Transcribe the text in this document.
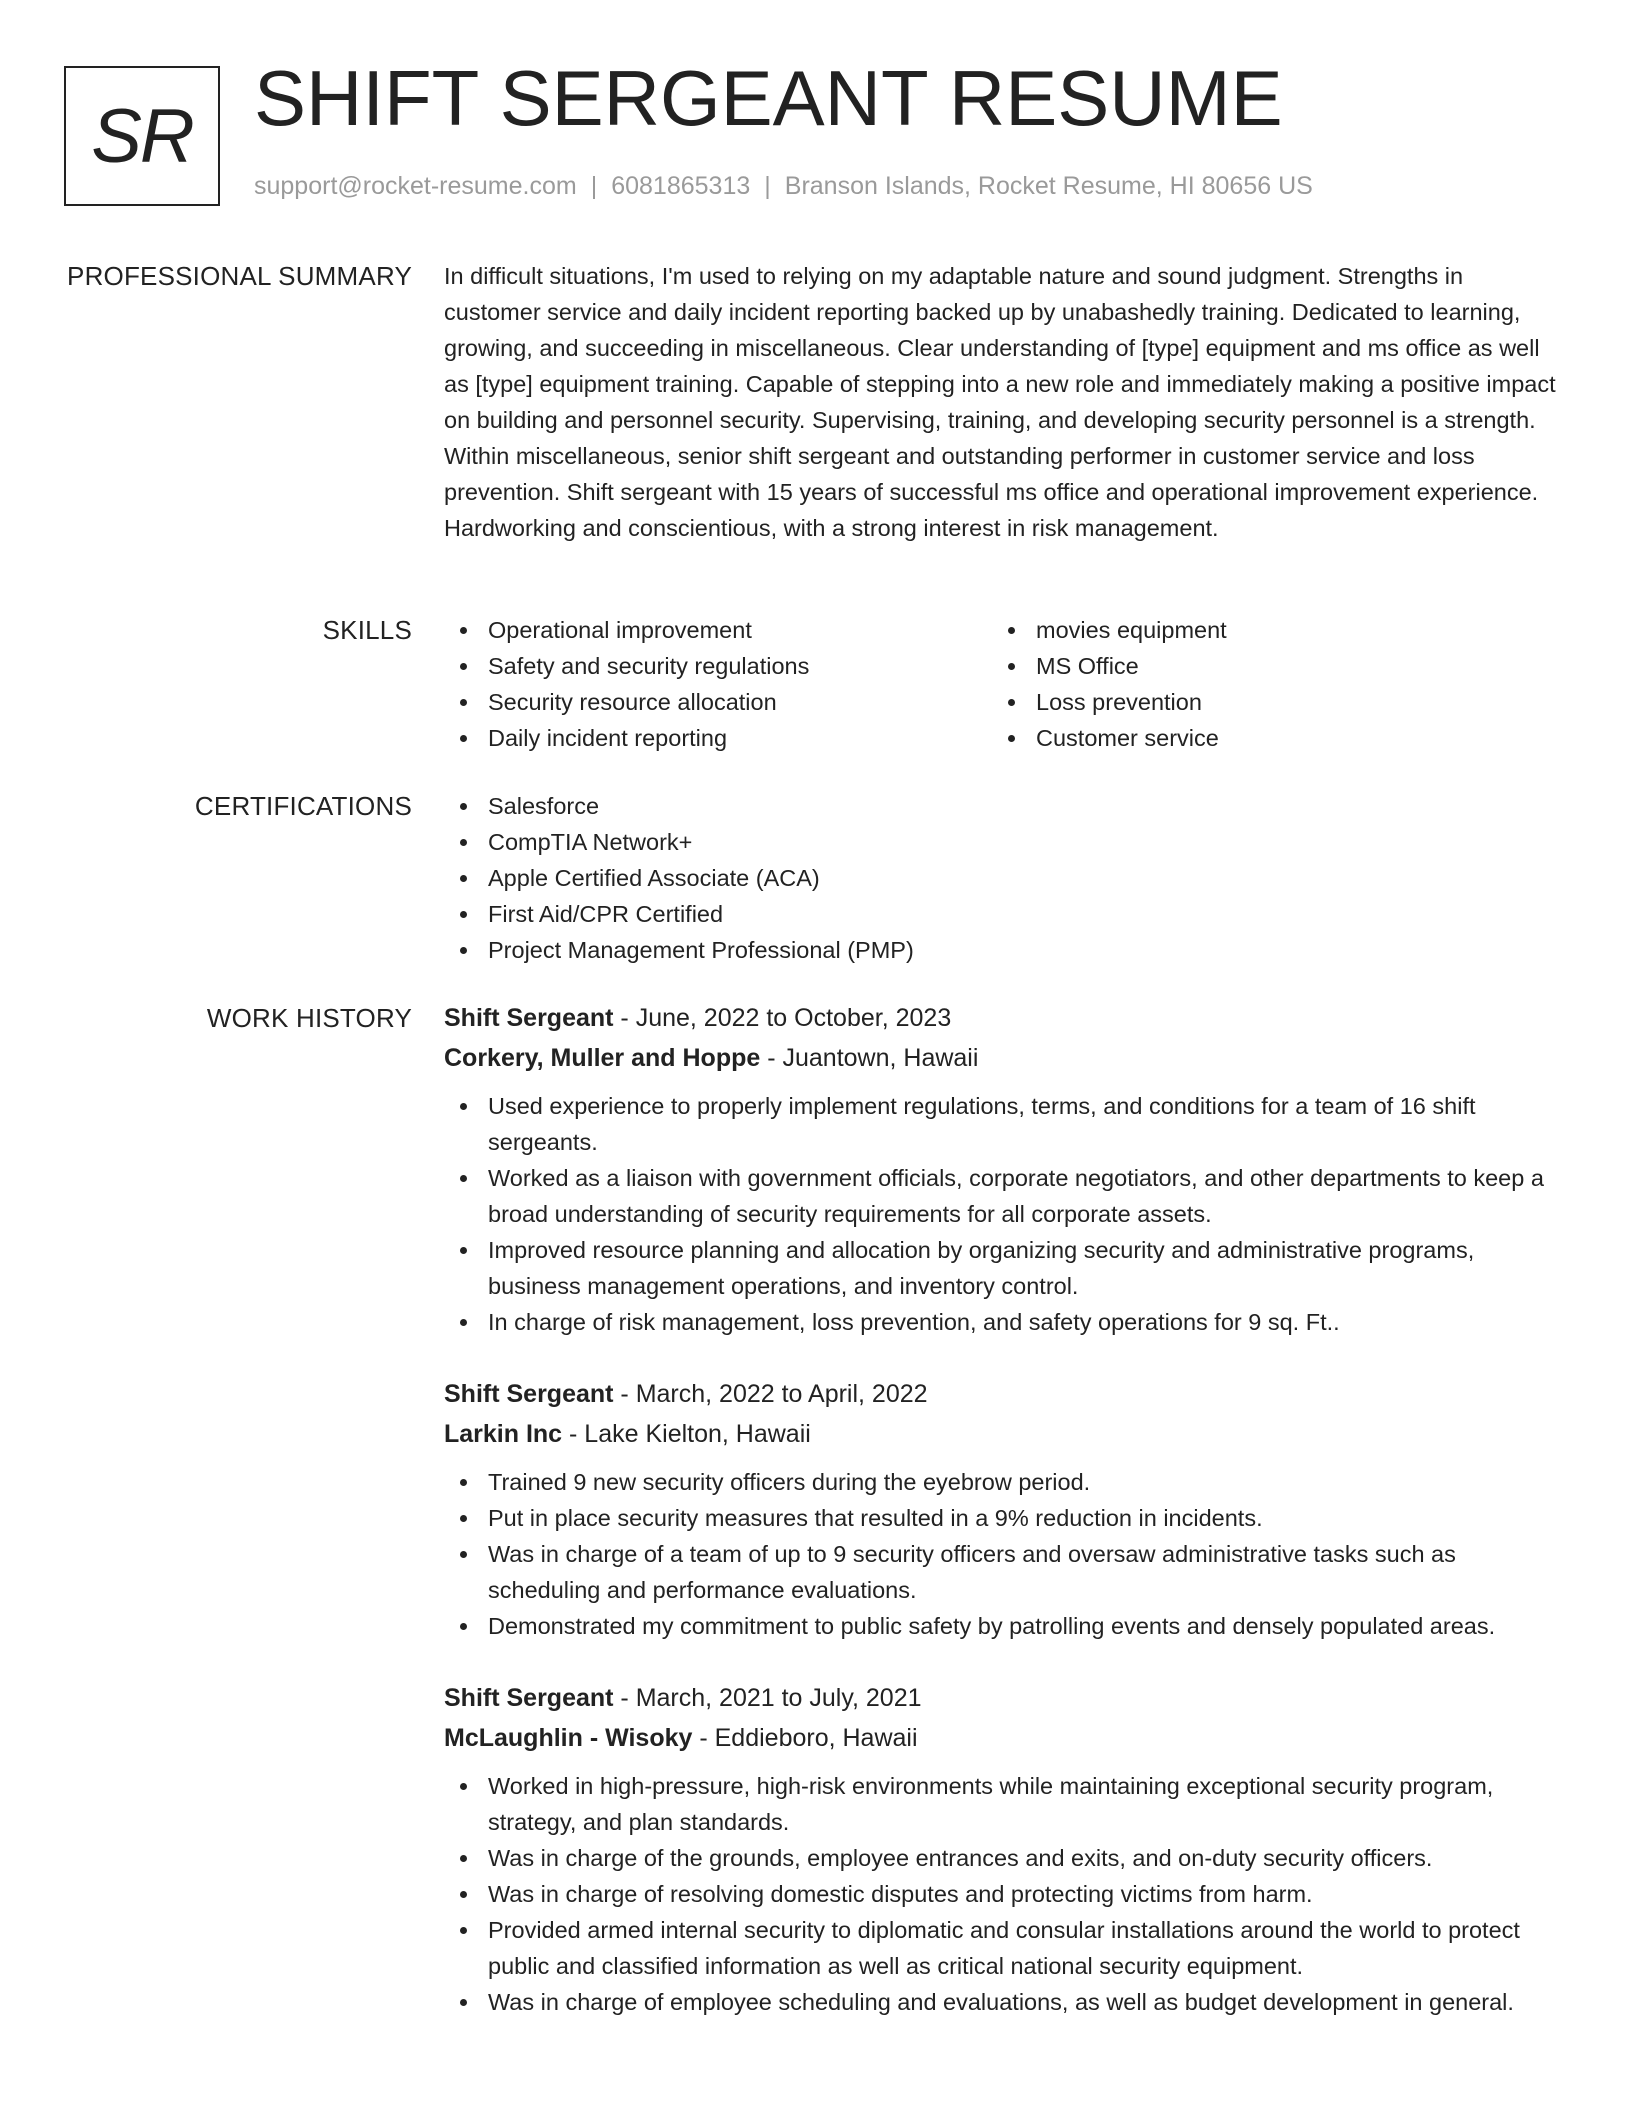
SR SHIFT SERGEANT RESUME
support@rocket-resume.com | 6081865313 | Branson Islands, Rocket Resume, HI 80656 US
PROFESSIONAL SUMMARY In difficult situations, I'm used to relying on my adaptable nature and sound judgment. Strengths in customer service and daily incident reporting backed up by unabashedly training. Dedicated to learning, growing, and succeeding in miscellaneous. Clear understanding of [type] equipment and ms office as well as [type] equipment training. Capable of stepping into a new role and immediately making a positive impact on building and personnel security. Supervising, training, and developing security personnel is a strength. Within miscellaneous, senior shift sergeant and outstanding performer in customer service and loss prevention. Shift sergeant with 15 years of successful ms office and operational improvement experience. Hardworking and conscientious, with a strong interest in risk management.

SKILLS	Operational improvement
Safety and security regulations
Security resource allocation
Daily incident reporting
movies equipment
MS Office
Loss prevention
Customer service
CERTIFICATIONS	Salesforce
CompTIA Network+
Apple Certified Associate (ACA)
First Aid/CPR Certified
Project Management Professional (PMP)
WORK HISTORY Shift Sergeant - June, 2022 to October, 2023
Corkery, Muller and Hoppe - Juantown, Hawaii
Used experience to properly implement regulations, terms, and conditions for a team of 16 shift sergeants.
Worked as a liaison with government officials, corporate negotiators, and other departments to keep a broad understanding of security requirements for all corporate assets.
Improved resource planning and allocation by organizing security and administrative programs, business management operations, and inventory control.
In charge of risk management, loss prevention, and safety operations for 9 sq. Ft..
Shift Sergeant - March, 2022 to April, 2022
Larkin Inc - Lake Kielton, Hawaii
Trained 9 new security officers during the eyebrow period.
Put in place security measures that resulted in a 9% reduction in incidents.
Was in charge of a team of up to 9 security officers and oversaw administrative tasks such as scheduling and performance evaluations.
Demonstrated my commitment to public safety by patrolling events and densely populated areas.
Shift Sergeant - March, 2021 to July, 2021
McLaughlin - Wisoky - Eddieboro, Hawaii
Worked in high-pressure, high-risk environments while maintaining exceptional security program, strategy, and plan standards.
Was in charge of the grounds, employee entrances and exits, and on-duty security officers.
Was in charge of resolving domestic disputes and protecting victims from harm.
Provided armed internal security to diplomatic and consular installations around the world to protect public and classified information as well as critical national security equipment.
Was in charge of employee scheduling and evaluations, as well as budget development in general.
